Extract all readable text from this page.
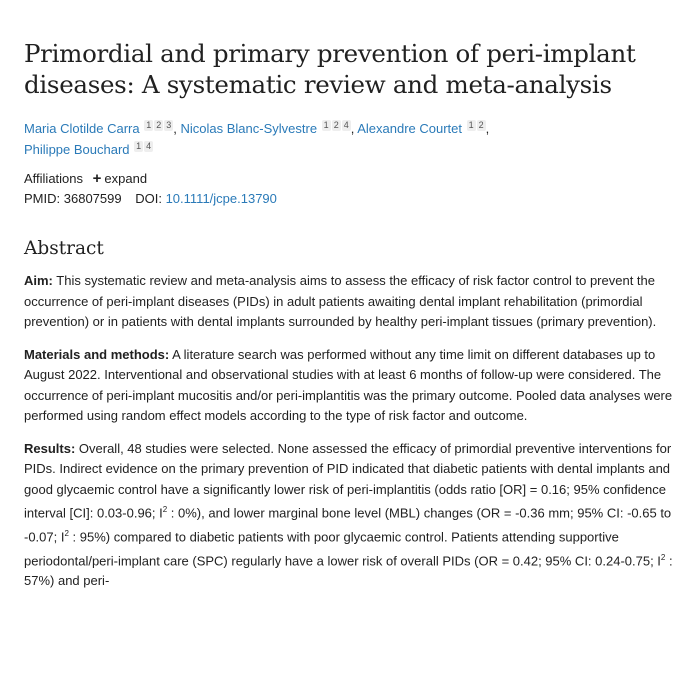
Primordial and primary prevention of peri-implant diseases: A systematic review and meta-analysis
Maria Clotilde Carra 1 2 3 , Nicolas Blanc-Sylvestre 1 2 4 , Alexandre Courtet 1 2 ,
Philippe Bouchard 1 4
Affiliations + expand
PMID: 36807599 DOI: 10.1111/jcpe.13790
Abstract

Aim: This systematic review and meta-analysis aims to assess the efficacy of risk factor control to prevent the occurrence of peri-implant diseases (PIDs) in adult patients awaiting dental implant rehabilitation (primordial prevention) or in patients with dental implants surrounded by healthy peri-implant tissues (primary prevention).

Materials and methods: A literature search was performed without any time limit on different databases up to August 2022. Interventional and observational studies with at least 6 months of follow-up were considered. The occurrence of peri-implant mucositis and/or peri-implantitis was the primary outcome. Pooled data analyses were performed using random effect models according to the type of risk factor and outcome.

Results: Overall, 48 studies were selected. None assessed the efficacy of primordial preventive interventions for PIDs. Indirect evidence on the primary prevention of PID indicated that diabetic patients with dental implants and good glycaemic control have a significantly lower risk of peri-implantitis (odds ratio [OR] = 0.16; 95% confidence interval [CI]: 0.03-0.96; $I^2$ : 0%), and lower marginal bone level (MBL) changes (OR = -0.36 mm; 95% CI: -0.65 to -0.07; $I^2$ : 95%) compared to diabetic patients with poor glycaemic control. Patients attending supportive periodontal/peri-implant care (SPC) regularly have a lower risk of overall PIDs (OR = 0.42; 95% CI: 0.24-0.75; $I^2$ : 57%) and peri-
